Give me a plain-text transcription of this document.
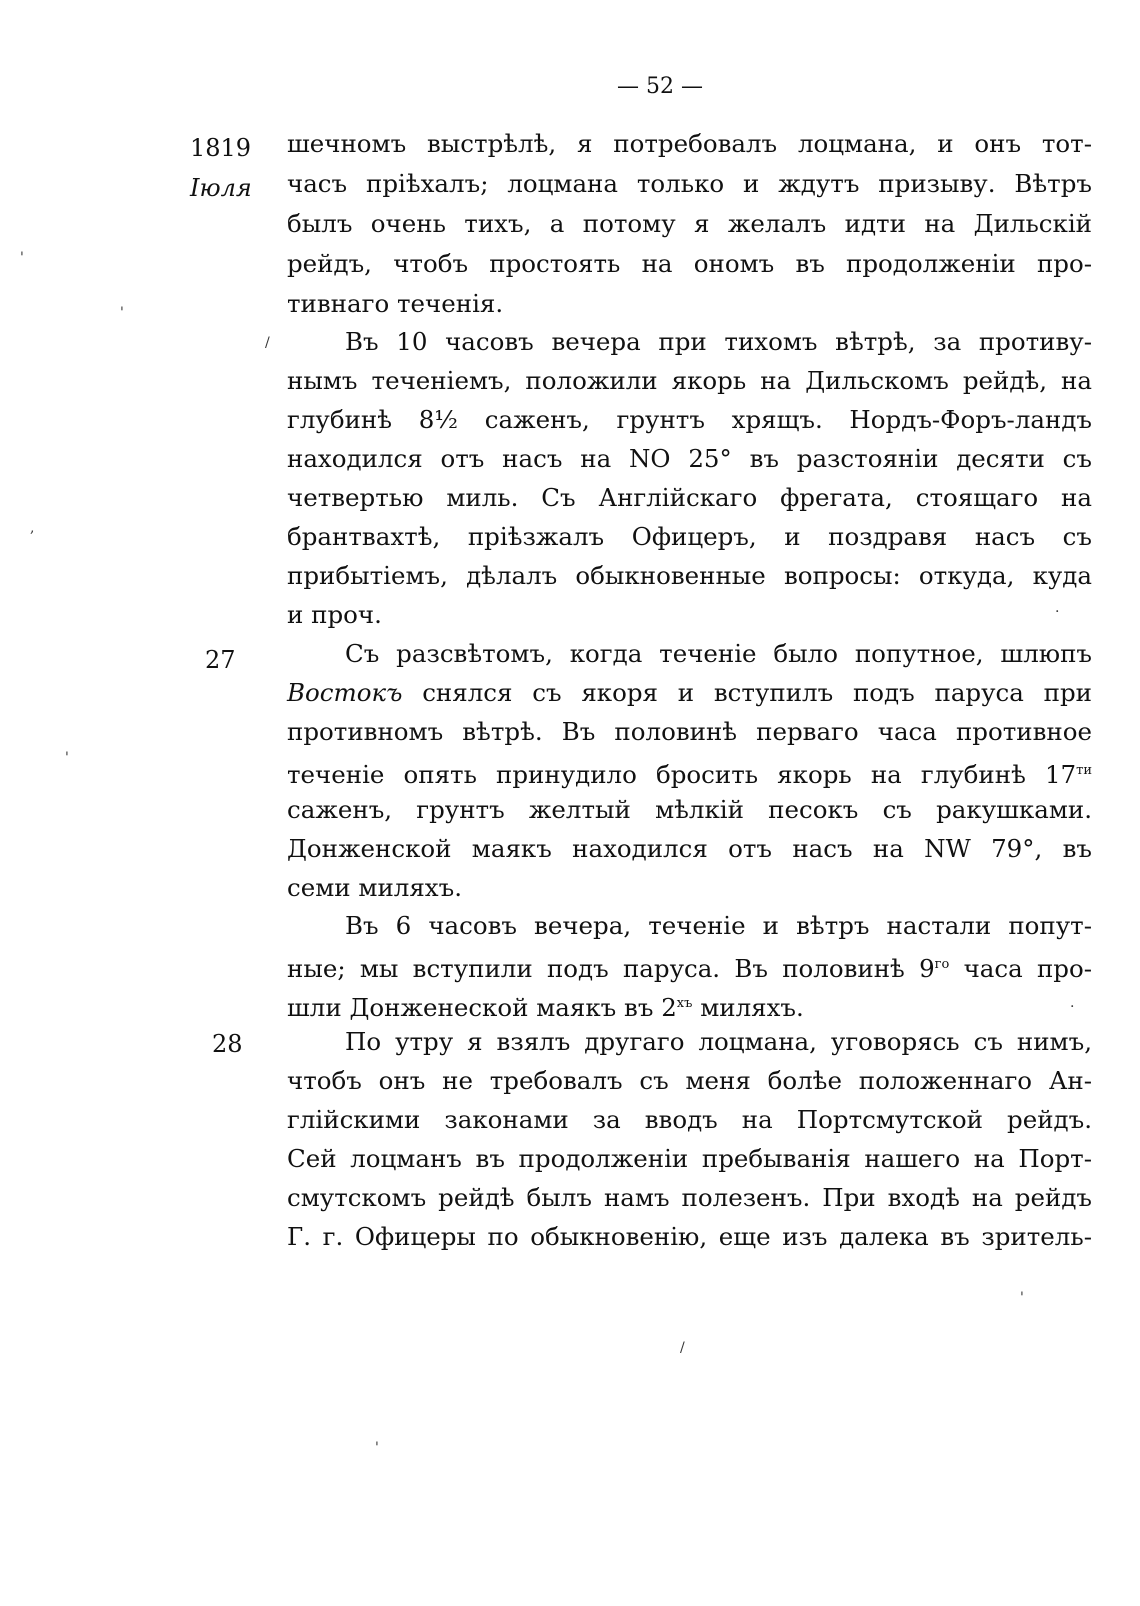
— 52 —
1819
Іюля
27
28
шечномъ выстрѣлѣ, я потребовалъ лоцмана, и онъ тот-
часъ пріѣхалъ; лоцмана только и ждутъ призыву. Вѣтръ
былъ очень тихъ, а потому я желалъ идти на Дильскій
рейдъ, чтобъ простоять на ономъ въ продолженіи про-
тивнаго теченія.
Въ 10 часовъ вечера при тихомъ вѣтрѣ, за противу-
нымъ теченіемъ, положили якорь на Дильскомъ рейдѣ, на
глубинѣ 8½ саженъ, грунтъ хрящъ. Нордъ-Форъ-ландъ
находился отъ насъ на NO 25° въ разстояніи десяти съ
четвертью миль. Съ Англійскаго фрегата, стоящаго на
брантвахтѣ, пріѣзжалъ Офицеръ, и поздравя насъ съ
прибытіемъ, дѣлалъ обыкновенные вопросы: откуда, куда
и проч.
Съ разсвѣтомъ, когда теченіе было попутное, шлюпъ
Востокъ снялся съ якоря и вступилъ подъ паруса при
противномъ вѣтрѣ. Въ половинѣ перваго часа противное
теченіе опять принудило бросить якорь на глубинѣ $17^{ти}$
саженъ, грунтъ желтый мѣлкій песокъ съ ракушками.
Донженской маякъ находился отъ насъ на NW 79°, въ
семи миляхъ.
Въ 6 часовъ вечера, теченіе и вѣтръ настали попут-
ные; мы вступили подъ паруса. Въ половинѣ $9^{го}$ часа про-
шли Донженеской маякъ въ $2^{хъ}$ миляхъ.
По утру я взялъ другаго лоцмана, уговорясь съ нимъ,
чтобъ онъ не требовалъ съ меня болѣе положеннаго Ан-
глійскими законами за вводъ на Портсмутской рейдъ.
Сей лоцманъ въ продолженіи пребыванія нашего на Порт-
смутскомъ рейдѣ былъ намъ полезенъ. При входѣ на рейдъ
Г. г. Офицеры по обыкновенію, еще изъ далека въ зритель-
/
'
'
,
'
.
.
/
'
'
